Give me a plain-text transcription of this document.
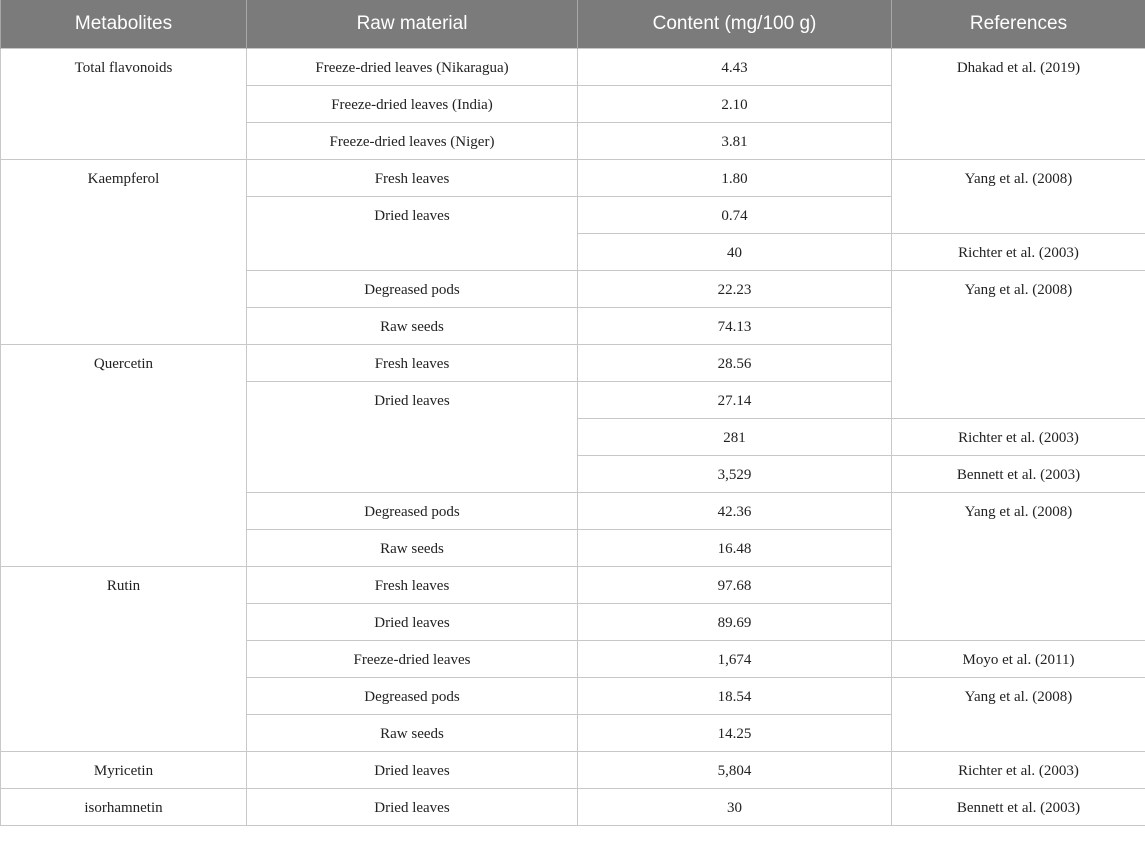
Metabolites	Raw material	Content (mg/100 g)	References
Total flavonoids	Freeze-dried leaves (Nikaragua)	4.43	Dhakad et al. (2019)
	Freeze-dried leaves (India)	2.10	
	Freeze-dried leaves (Niger)	3.81	
Kaempferol	Fresh leaves	1.80	Yang et al. (2008)
	Dried leaves	0.74	
		40	Richter et al. (2003)
	Degreased pods	22.23	Yang et al. (2008)
	Raw seeds	74.13	
Quercetin	Fresh leaves	28.56	
	Dried leaves	27.14	
		281	Richter et al. (2003)
		3,529	Bennett et al. (2003)
	Degreased pods	42.36	Yang et al. (2008)
	Raw seeds	16.48	
Rutin	Fresh leaves	97.68	
	Dried leaves	89.69	
	Freeze-dried leaves	1,674	Moyo et al. (2011)
	Degreased pods	18.54	Yang et al. (2008)
	Raw seeds	14.25	
Myricetin	Dried leaves	5,804	Richter et al. (2003)
isorhamnetin	Dried leaves	30	Bennett et al. (2003)
